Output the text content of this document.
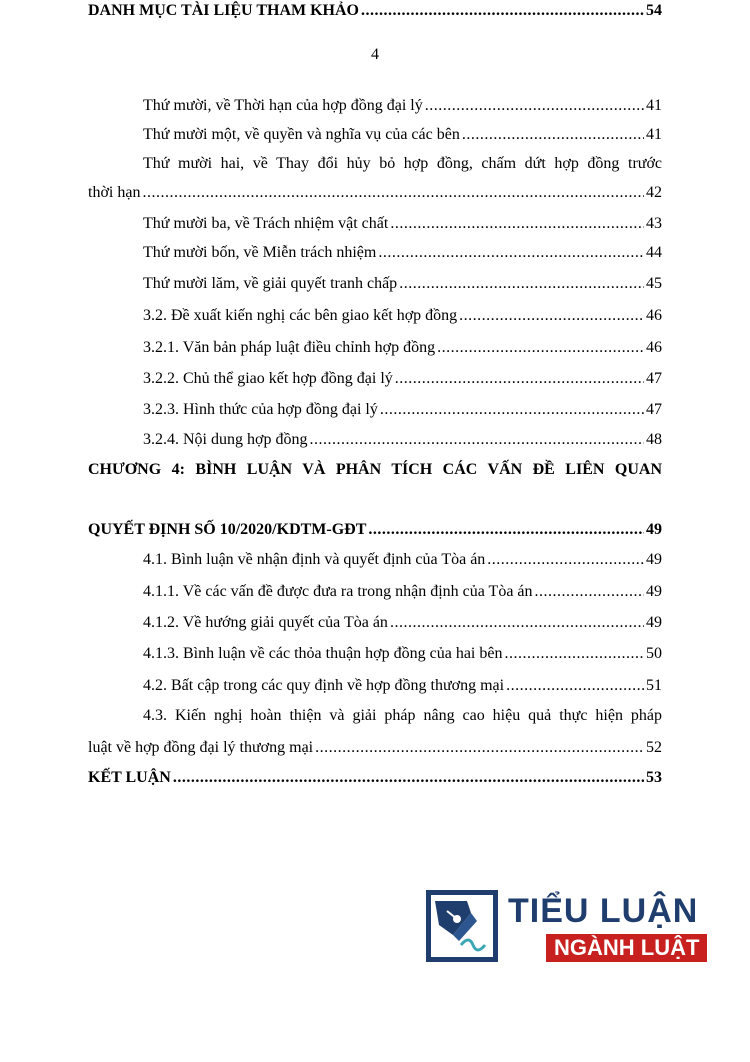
4
Thứ mười, về Thời hạn của hợp đồng đại lý .....	41
Thứ mười một, về quyền và nghĩa vụ của các bên .....	41
Thứ mười hai, về Thay đổi hủy bỏ hợp đồng, chấm dứt hợp đồng trước
thời hạn .....	42
Thứ mười ba, về Trách nhiệm vật chất .....	43
Thứ mười bốn, về Miễn trách nhiệm .....	44
Thứ mười lăm, về giải quyết tranh chấp .....	45
3.2. Đề xuất kiến nghị các bên giao kết hợp đồng .....	46
3.2.1. Văn bản pháp luật điều chỉnh hợp đồng .....	46
3.2.2. Chủ thể giao kết hợp đồng đại lý .....	47
3.2.3. Hình thức của hợp đồng đại lý .....	47
3.2.4. Nội dung hợp đồng .....	48
CHƯƠNG 4: BÌNH LUẬN VÀ PHÂN TÍCH CÁC VẤN ĐỀ LIÊN QUAN
QUYẾT ĐỊNH SỐ 10/2020/KDTM-GĐT .....	49
4.1. Bình luận về nhận định và quyết định của Tòa án .....	49
4.1.1. Về các vấn đề được đưa ra trong nhận định của Tòa án .....	49
4.1.2. Về hướng giải quyết của Tòa án .....	49
4.1.3. Bình luận về các thỏa thuận hợp đồng của hai bên .....	50
4.2. Bất cập trong các quy định về hợp đồng thương mại .....	51
4.3. Kiến nghị hoàn thiện và giải pháp nâng cao hiệu quả thực hiện pháp
luật về hợp đồng đại lý thương mại .....	52
KẾT LUẬN .....	53
DANH MỤC TÀI LIỆU THAM KHẢO .....	54
TIỂU LUẬN
NGÀNH LUẬT
